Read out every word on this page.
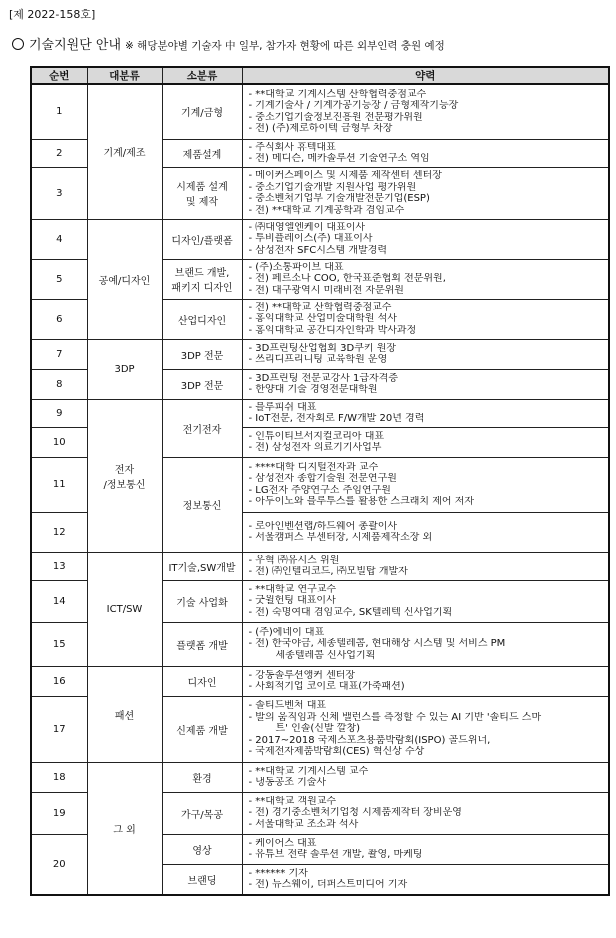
[제 2022-158호]
기술지원단 안내 ※ 해당분야별 기술자 中 일부, 참가자 현황에 따른 외부인력 충원 예정
순번	대분류	소분류	약력
1	기계/제조	기계/금형	- **대학교 기계시스템 산학협력중점교수
- 기계기술사 / 기계가공기능장 / 금형제작기능장
- 중소기업기술정보진흥원 전문평가위원
- 전) (주)제로하이텍 금형부 차장

2		제품설계	- 주식회사 휴텍대표
- 전) 메디슨, 메카솔루션 기술연구소 역임

3		시제품 설계
및 제작	- 메이커스페이스 및 시제품 제작센터 센터장
- 중소기업기술개발 지원사업 평가위원
- 중소벤처기업부 기술개발전문기업(ESP)
- 전) **대학교 기계공학과 겸임교수

4	공예/디자인	디자인/플랫폼	- ㈜대영엘엔케이 대표이사
- 투비플레이스(주) 대표이사
- 삼성전자 SFC시스템 개발경력

5		브랜드 개발,
패키지 디자인	- (주)소통파이브 대표
- 전) 페르소나 COO, 한국표준협회 전문위원,
- 전) 대구광역시 미래비전 자문위원

6		산업디자인	- 전) **대학교 산학협력중점교수
- 홍익대학교 산업미술대학원 석사
- 홍익대학교 공간디자인학과 박사과정

7	3DP	3DP 전문	- 3D프린팅산업협회 3D쿠키 원장
- 쓰리디프리니팅 교육학원 운영

8		3DP 전문	- 3D프린팅 전문교강사 1급자격증
- 한양대 기술 경영전문대학원

9	전자
/정보통신	전기전자	- 블루피쉬 대표
- IoT전문, 전자회로 F/W개발 20년 경력

10			- 인튜이티브서지컬코리아 대표
- 전) 삼성전자 의료기기사업부

11		정보통신	- ****대학 디지털전자과 교수
- 삼성전자 종합기술원 전문연구원
- LG전자 주양연구소 주임연구원
- 아두이노와 블루투스를 활용한 스크래치 제어 저자

12			- 로아인벤션랩/하드웨어 총괄이사
- 서울캠퍼스 부센터장, 시제품제작소장 외

13	ICT/SW	IT기술,SW개발	- 우혁 ㈜유시스 위원
- 전) ㈜인텔리코드, ㈜모빌탑 개발자

14		기술 사업화	- **대학교 연구교수
- 굿윌헌팅 대표이사
- 전) 숙명여대 겸임교수, SK텔레텍 신사업기획

15		플랫폼 개발	- (주)에네이 대표
- 전) 한국야금, 세종텔레콤, 현대해상 시스템 및 서비스 PM
세종텔레콤 신사업기획

16	패션	디자인	- 강동솔루션앵커 센터장
- 사회적기업 코이로 대표(가죽패션)

17		신제품 개발	- 솔티드벤처 대표
- 발의 움직임과 신체 밸런스를 측정할 수 있는 AI 기반 '솔티드 스마
트' 인솔(신발 깔창)
- 2017~2018 국제스포츠용품박람회(ISPO) 골드위너,
- 국제전자제품박람회(CES) 혁신상 수상

18	그 외	환경	- **대학교 기계시스템 교수
- 냉동공조 기술사

19		가구/목공	- **대학교 객원교수
- 전) 경기중소벤처기업청 시제품제작터 장비운영
- 서울대학교 조소과 석사

20		영상	- 케이어스 대표
- 유튜브 전략 솔루션 개발, 촬영, 마케팅

		브랜딩	- ****** 기자
- 전) 뉴스웨이, 더퍼스트미디어 기자
